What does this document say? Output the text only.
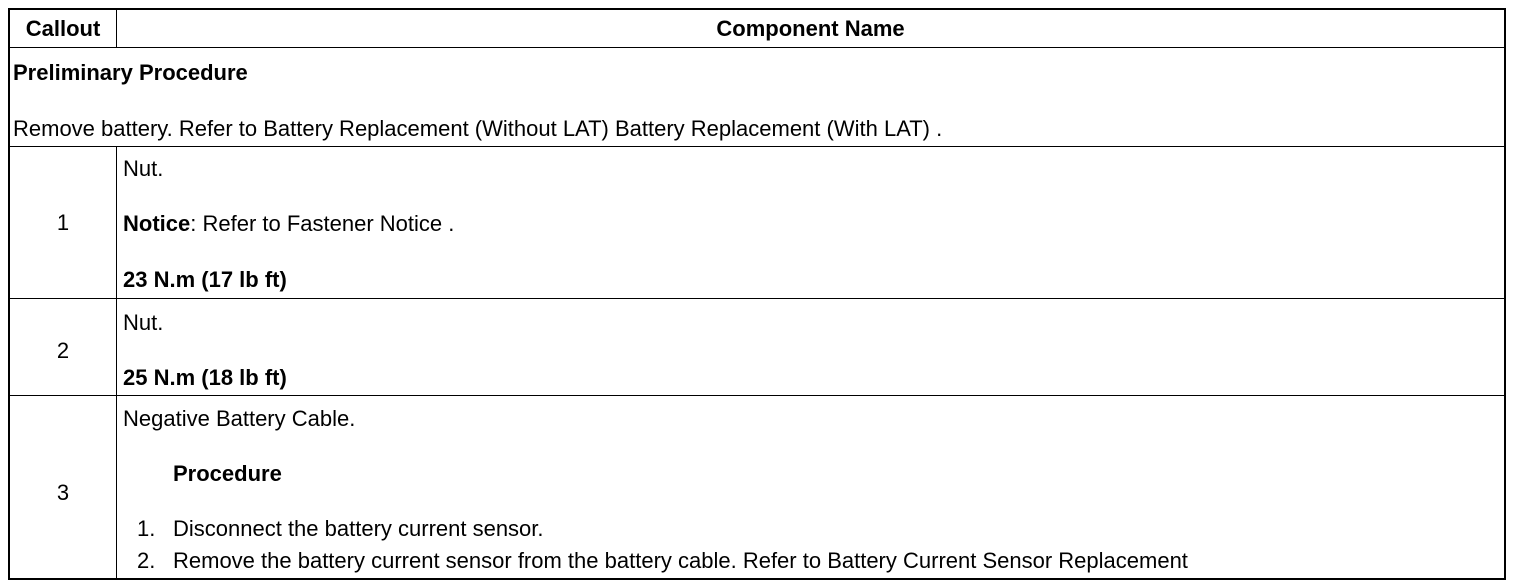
Callout	Component Name
Preliminary Procedure
Remove battery. Refer to Battery Replacement (Without LAT) Battery Replacement (With LAT) .
1
Nut.
Notice: Refer to Fastener Notice .
23 N.m (17 lb ft)
2
Nut.
25 N.m (18 lb ft)
3
Negative Battery Cable.
Procedure
1. Disconnect the battery current sensor.
2. Remove the battery current sensor from the battery cable. Refer to Battery Current Sensor Replacement
